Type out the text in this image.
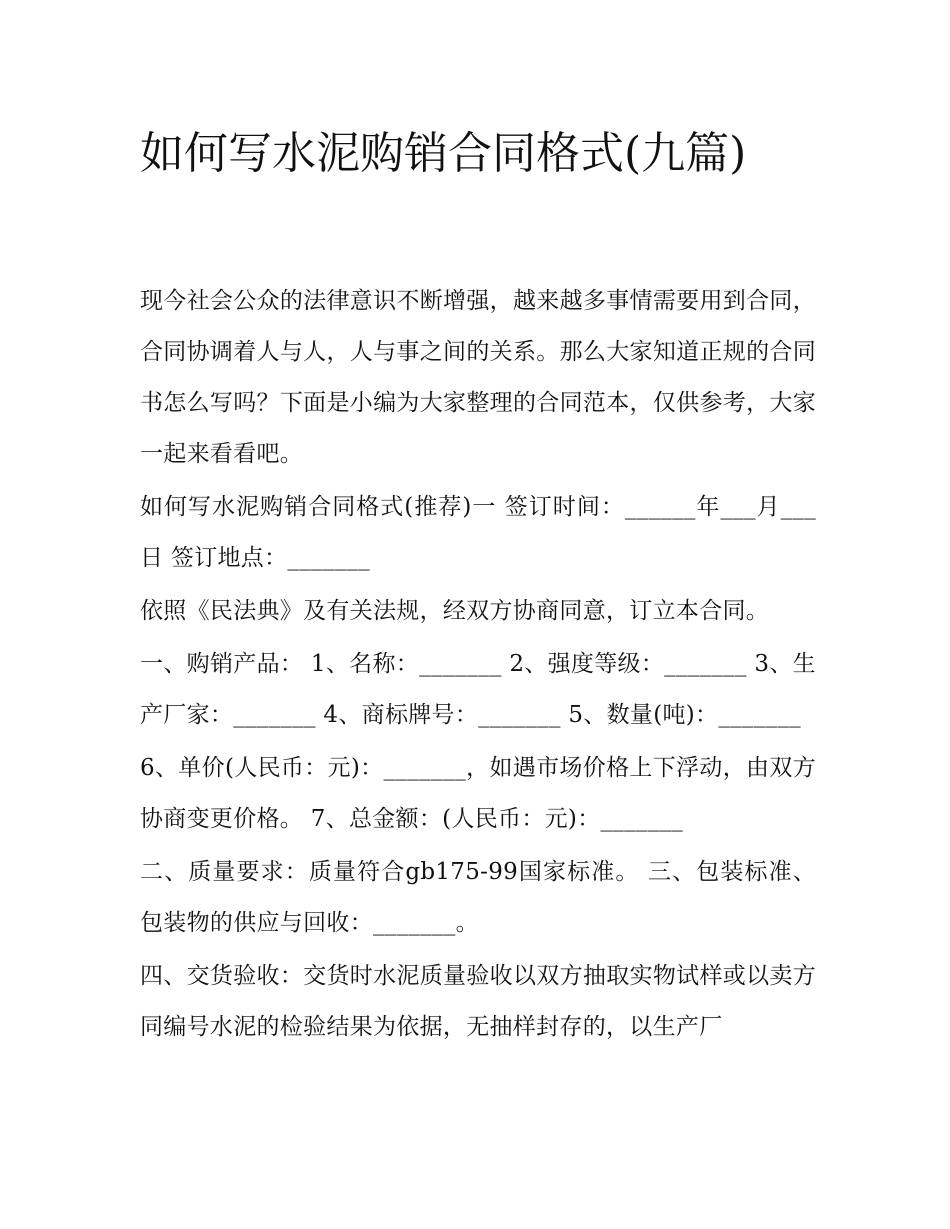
如何写水泥购销合同格式(九篇)

现今社会公众的法律意识不断增强，越来越多事情需要用到合同，合同协调着人与人，人与事之间的关系。那么大家知道正规的合同书怎么写吗？下面是小编为大家整理的合同范本，仅供参考，大家一起来看看吧。

如何写水泥购销合同格式(推荐)一 签订时间：______年___月___日 签订地点：_______

依照《民法典》及有关法规，经双方协商同意，订立本合同。

一、购销产品： 1、名称：_______ 2、强度等级：_______ 3、生产厂家：_______ 4、商标牌号：_______ 5、数量(吨)：_______

6、单价(人民币：元)：_______，如遇市场价格上下浮动，由双方协商变更价格。 7、总金额：(人民币：元)：_______

二、质量要求：质量符合gb175-99国家标准。 三、包装标准、包装物的供应与回收：_______。

四、交货验收：交货时水泥质量验收以双方抽取实物试样或以卖方同编号水泥的检验结果为依据，无抽样封存的，以生产厂
